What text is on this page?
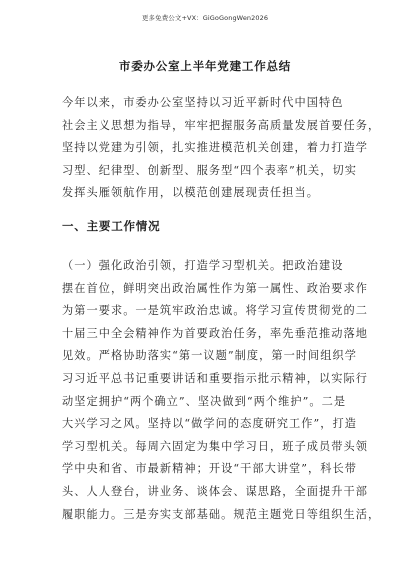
更多免费公文+VX：GiGoGongWen2026
市委办公室上半年党建工作总结
今年以来，市委办公室坚持以习近平新时代中国特色
社会主义思想为指导，牢牢把握服务高质量发展首要任务，
坚持以党建为引领，扎实推进模范机关创建，着力打造学
习型、纪律型、创新型、服务型“四个表率”机关，切实
发挥头雁领航作用，以模范创建展现责任担当。
一、主要工作情况
（一）强化政治引领，打造学习型机关。把政治建设
摆在首位，鲜明突出政治属性作为第一属性、政治要求作
为第一要求。一是筑牢政治忠诚。将学习宣传贯彻党的二
十届三中全会精神作为首要政治任务，率先垂范推动落地
见效。严格协助落实“第一议题”制度，第一时间组织学
习习近平总书记重要讲话和重要指示批示精神，以实际行
动坚定拥护“两个确立”、坚决做到“两个维护”。二是
大兴学习之风。坚持以“做学问的态度研究工作”，打造
学习型机关。每周六固定为集中学习日，班子成员带头领
学中央和省、市最新精神；开设“干部大讲堂”，科长带
头、人人登台，讲业务、谈体会、谋思路，全面提升干部
履职能力。三是夯实支部基础。规范主题党日等组织生活，
